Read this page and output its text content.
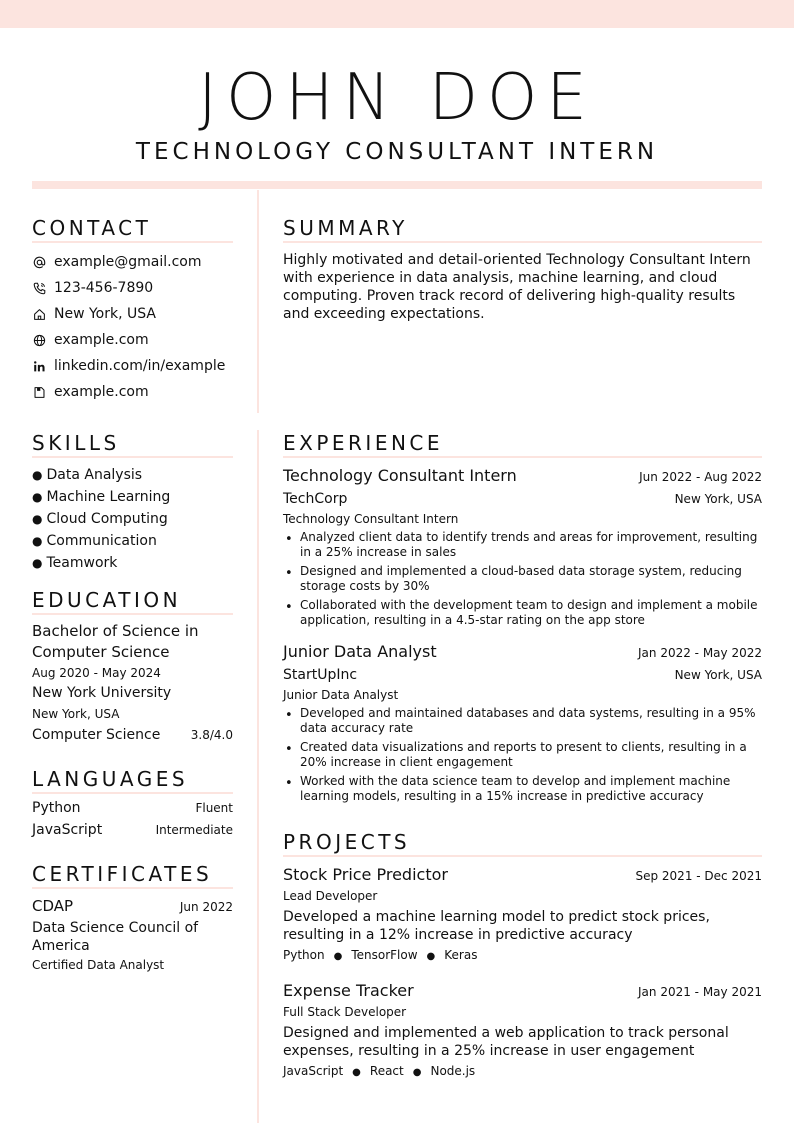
JOHN DOE
TECHNOLOGY CONSULTANT INTERN
CONTACT
example@gmail.com
123-456-7890
New York, USA
example.com
linkedin.com/in/example
example.com
SKILLS
● Data Analysis
● Machine Learning
● Cloud Computing
● Communication
● Teamwork
EDUCATION
Bachelor of Science in Computer Science
Aug 2020 - May 2024
New York University
New York, USA
Computer Science	3.8/4.0
LANGUAGES
Python	Fluent
JavaScript	Intermediate
CERTIFICATES
CDAP	Jun 2022
Data Science Council of America
Certified Data Analyst
SUMMARY
Highly motivated and detail-oriented Technology Consultant Intern with experience in data analysis, machine learning, and cloud computing. Proven track record of delivering high-quality results and exceeding expectations.
EXPERIENCE
Technology Consultant Intern	Jun 2022 - Aug 2022
TechCorp	New York, USA
Technology Consultant Intern
• Analyzed client data to identify trends and areas for improvement, resulting in a 25% increase in sales
• Designed and implemented a cloud-based data storage system, reducing storage costs by 30%
• Collaborated with the development team to design and implement a mobile application, resulting in a 4.5-star rating on the app store
Junior Data Analyst	Jan 2022 - May 2022
StartUpInc	New York, USA
Junior Data Analyst
• Developed and maintained databases and data systems, resulting in a 95% data accuracy rate
• Created data visualizations and reports to present to clients, resulting in a 20% increase in client engagement
• Worked with the data science team to develop and implement machine learning models, resulting in a 15% increase in predictive accuracy
PROJECTS
Stock Price Predictor	Sep 2021 - Dec 2021
Lead Developer
Developed a machine learning model to predict stock prices, resulting in a 12% increase in predictive accuracy
Python ● TensorFlow ● Keras
Expense Tracker	Jan 2021 - May 2021
Full Stack Developer
Designed and implemented a web application to track personal expenses, resulting in a 25% increase in user engagement
JavaScript ● React ● Node.js
